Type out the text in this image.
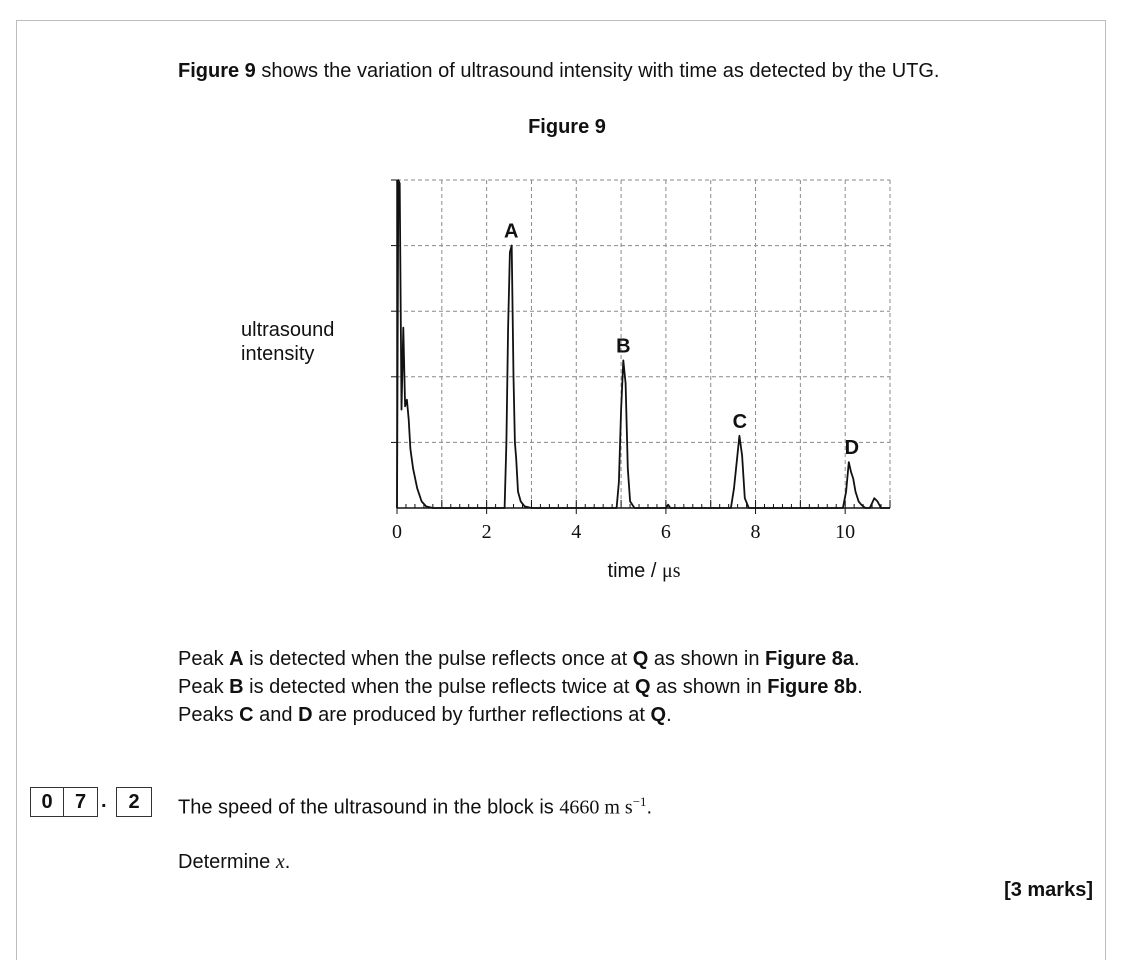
Figure 9 shows the variation of ultrasound intensity with time as detected by the UTG.
Figure 9
ultrasound
intensity
time / μs
0	2	4	6	8	10
A
B
C
D
Peak A is detected when the pulse reflects once at Q as shown in Figure 8a.
Peak B is detected when the pulse reflects twice at Q as shown in Figure 8b.
Peaks C and D are produced by further reflections at Q.
0 7 . 2 The speed of the ultrasound in the block is 4660 m $s^{-1}$.
Determine x.
[3 marks]
